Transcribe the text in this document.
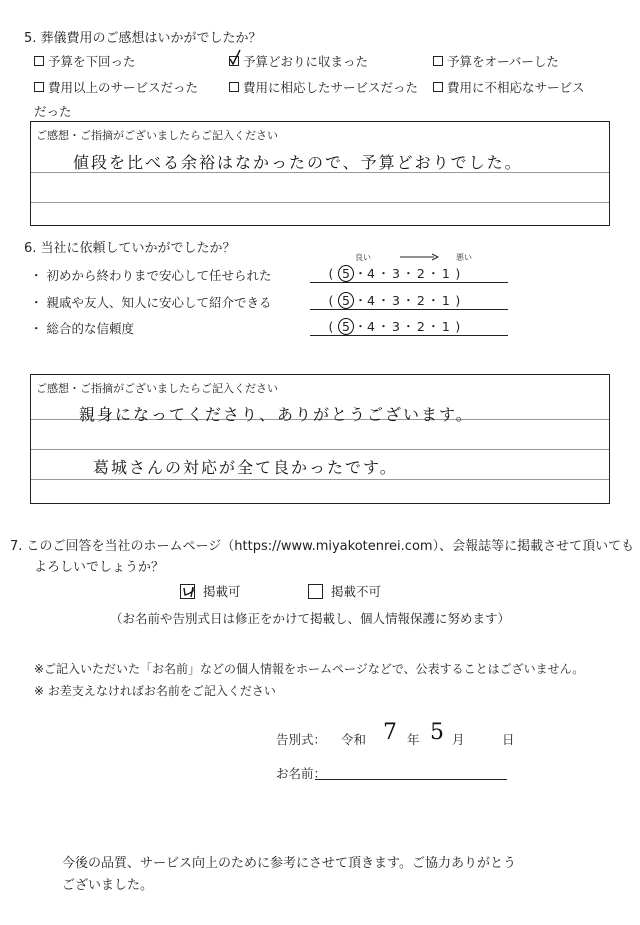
5. 葬儀費用のご感想はいかがでしたか？
予算を下回った	予算どおりに収まった	予算をオーバーした
費用以上のサービスだった	費用に相応したサービスだった 費用に不相応なサービス
だった
ご感想・ご指摘がございましたらご記入ください
値段を比べる余裕はなかったので、予算どおりでした。
6. 当社に依頼していかがでしたか？
良い	悪い
・ 初めから終わりまで安心して任せられた	( 5 ・ 4 ・ 3 ・ 2 ・ 1 )
・ 親戚や友人、知人に安心して紹介できる	( 5 ・ 4 ・ 3 ・ 2 ・ 1 )
・ 総合的な信頼度	( 5 ・ 4 ・ 3 ・ 2 ・ 1 )
ご感想・ご指摘がございましたらご記入ください
親身になってくださり、ありがとうございます。
葛城さんの対応が全て良かったです。
7. このご回答を当社のホームページ（https://www.miyakotenrei.com）、会報誌等に掲載させて頂いても
よろしいでしょうか？
掲載可	掲載不可
（お名前や告別式日は修正をかけて掲載し、個人情報保護に努めます）
※ご記入いただいた「お名前」などの個人情報をホームページなどで、公表することはございません。
※ お差支えなければお名前をご記入ください
告別式： 令和 7 年 5 月	日
お名前：
今後の品質、サービス向上のために参考にさせて頂きます。ご協力ありがとう
ございました。
